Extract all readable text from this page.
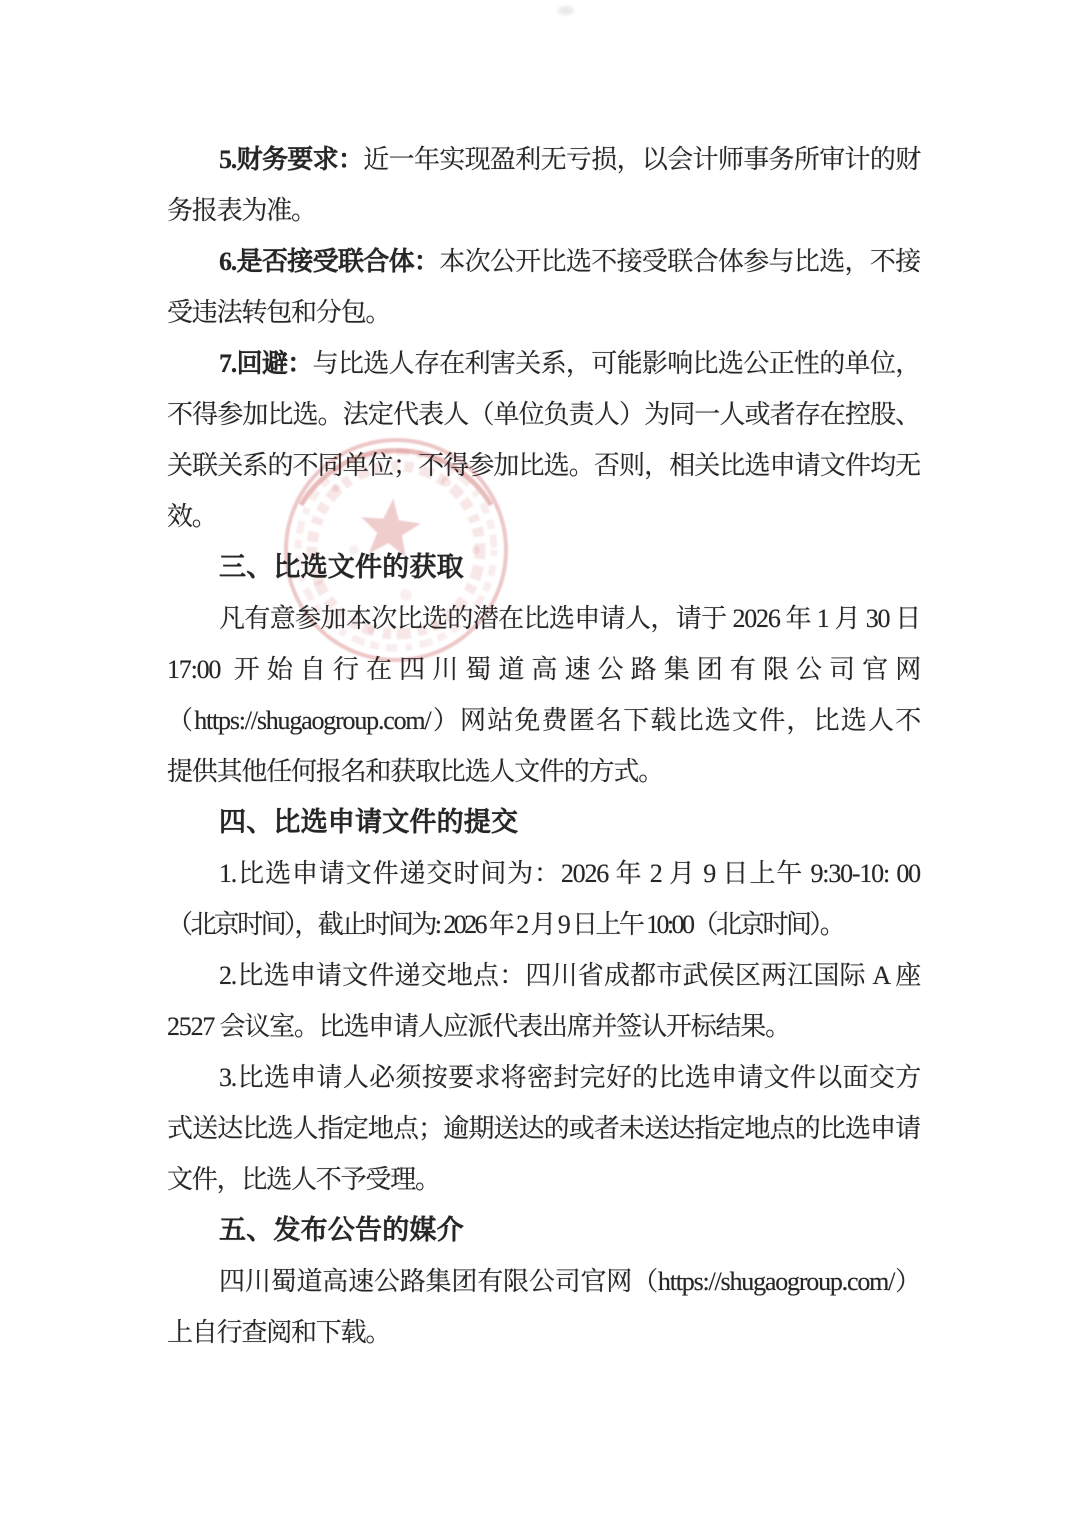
5.财务要求：近一年实现盈利无亏损，以会计师事务所审计的财
务报表为准。
6.是否接受联合体：本次公开比选不接受联合体参与比选，不接
受违法转包和分包。
7.回避：与比选人存在利害关系，可能影响比选公正性的单位，
不得参加比选。法定代表人（单位负责人）为同一人或者存在控股、
关联关系的不同单位；不得参加比选。否则，相关比选申请文件均无
效。
三、比选文件的获取
凡有意参加本次比选的潜在比选申请人，请于 2026 年 1 月 30 日
17:00 开始自行在四川蜀道高速公路集团有限公司官网
（https://shugaogroup.com/）网站免费匿名下载比选文件，比选人不
提供其他任何报名和获取比选人文件的方式。
四、比选申请文件的提交
1.比选申请文件递交时间为：2026 年 2 月 9 日上午 9:30-10: 00
（北京时间），截止时间为: 2026 年 2 月 9 日上午 10:00（北京时间）。
2.比选申请文件递交地点：四川省成都市武侯区两江国际 A 座
2527 会议室。比选申请人应派代表出席并签认开标结果。
3.比选申请人必须按要求将密封完好的比选申请文件以面交方
式送达比选人指定地点；逾期送达的或者未送达指定地点的比选申请
文件，比选人不予受理。
五、发布公告的媒介
四川蜀道高速公路集团有限公司官网（https://shugaogroup.com/）
上自行查阅和下载。
